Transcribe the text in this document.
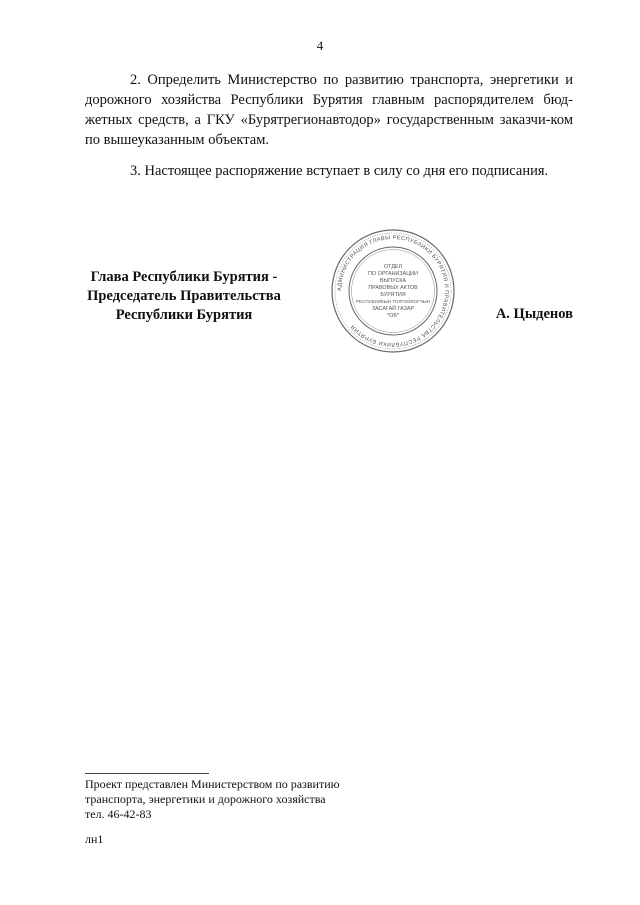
4
2. Определить Министерство по развитию транспорта, энергетики и дорожного хозяйства Республики Бурятия главным распорядителем бюд-жетных средств, а ГКУ «Бурятрегионавтодор» государственным заказчи-ком по вышеуказанным объектам.
3. Настоящее распоряжение вступает в силу со дня его подписания.
Глава Республики Бурятия -
Председатель Правительства
Республики Бурятия
АДМИНИСТРАЦИЯ ГЛАВЫ РЕСПУБЛИКИ БУРЯТИЯ И ПРАВИТЕЛЬСТВА РЕСПУБЛИКИ БУРЯТИЯ
ОТДЕЛ
ПО ОРГАНИЗАЦИИ
ВЫПУСКА
ПРАВОВЫХ АКТОВ
БУРЯТИЯ
РЕСПУБЛИКЫН ТОЛГОЙЛОГЧЫН
ЗАСАГАЙ ГАЗАР
*ОБ*	А. Цыденов
Проект представлен Министерством по развитию
транспорта, энергетики и дорожного хозяйства
тел. 46-42-83
лн1
